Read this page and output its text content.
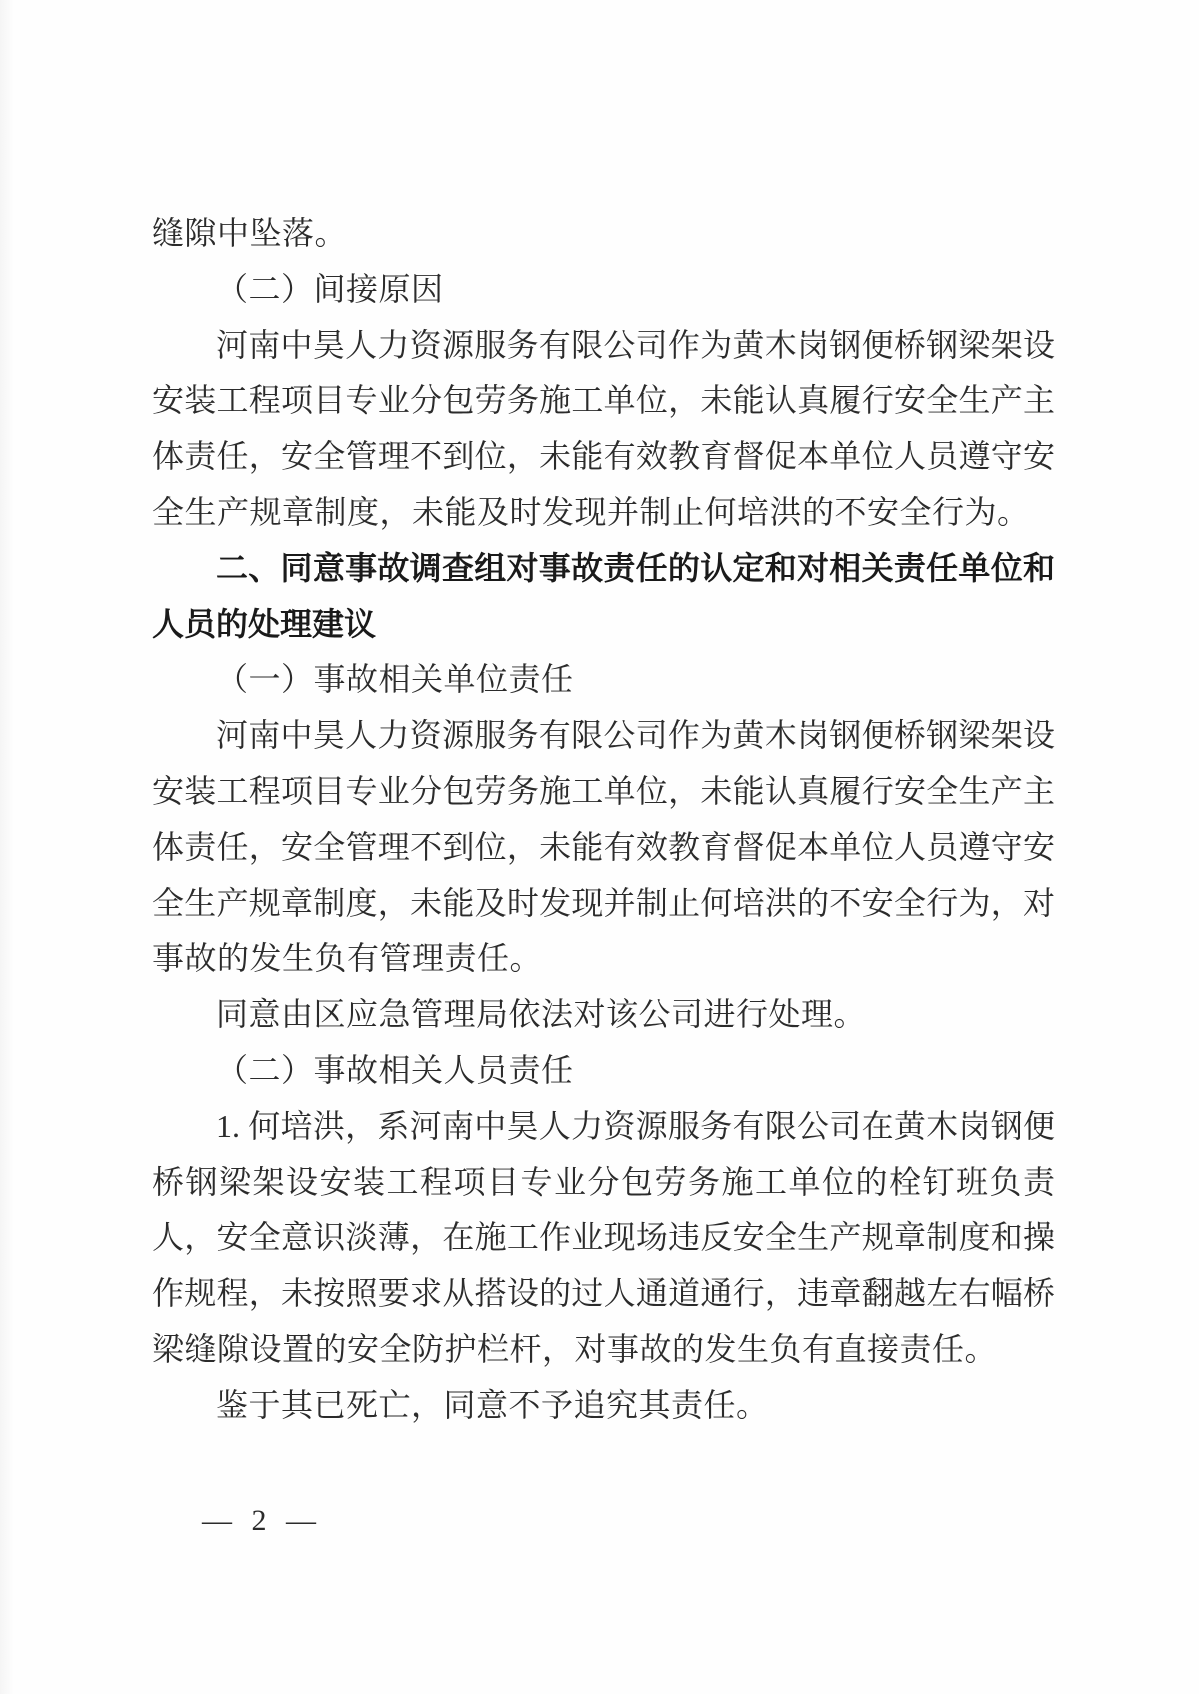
缝隙中坠落。
（二）间接原因
河南中昊人力资源服务有限公司作为黄木岗钢便桥钢梁架设
安装工程项目专业分包劳务施工单位，未能认真履行安全生产主
体责任，安全管理不到位，未能有效教育督促本单位人员遵守安
全生产规章制度，未能及时发现并制止何培洪的不安全行为。
二、同意事故调查组对事故责任的认定和对相关责任单位和
人员的处理建议
（一）事故相关单位责任
河南中昊人力资源服务有限公司作为黄木岗钢便桥钢梁架设
安装工程项目专业分包劳务施工单位，未能认真履行安全生产主
体责任，安全管理不到位，未能有效教育督促本单位人员遵守安
全生产规章制度，未能及时发现并制止何培洪的不安全行为，对
事故的发生负有管理责任。
同意由区应急管理局依法对该公司进行处理。
（二）事故相关人员责任
1. 何培洪，系河南中昊人力资源服务有限公司在黄木岗钢便
桥钢梁架设安装工程项目专业分包劳务施工单位的栓钉班负责
人，安全意识淡薄，在施工作业现场违反安全生产规章制度和操
作规程，未按照要求从搭设的过人通道通行，违章翻越左右幅桥
梁缝隙设置的安全防护栏杆，对事故的发生负有直接责任。
鉴于其已死亡，同意不予追究其责任。
— 2 —
